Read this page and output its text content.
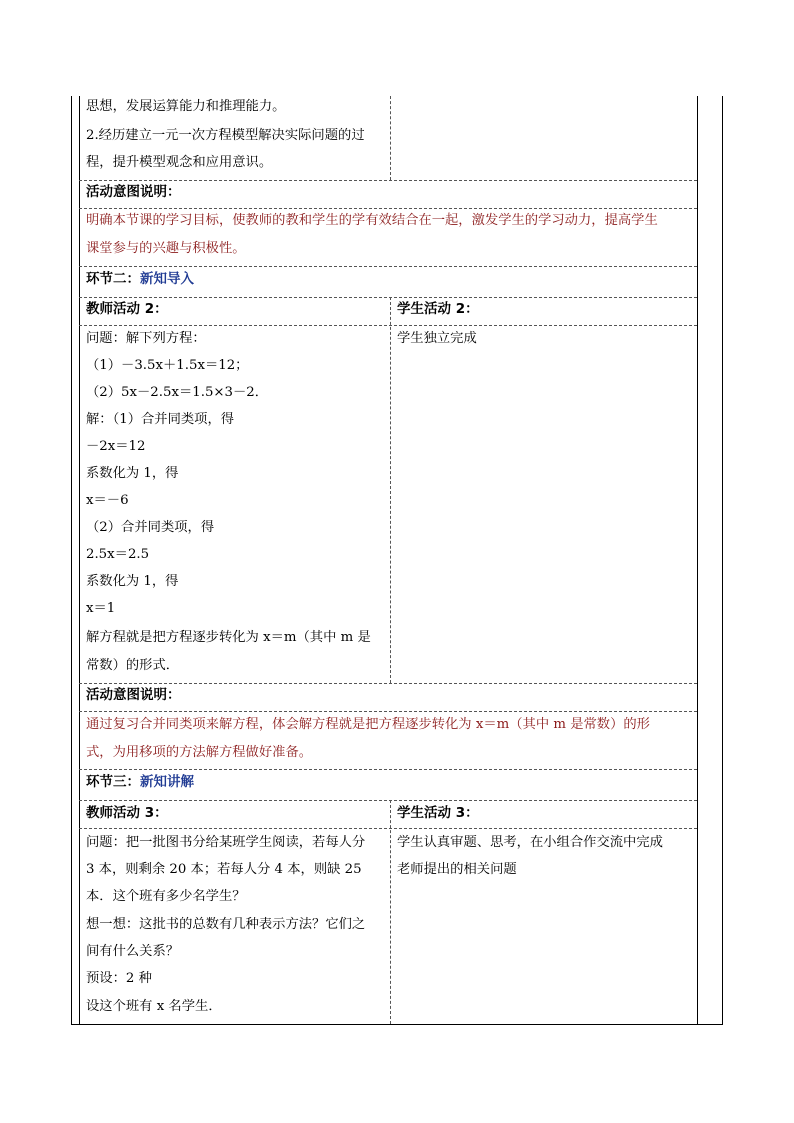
思想，发展运算能力和推理能力。
2.经历建立一元一次方程模型解决实际问题的过
程，提升模型观念和应用意识。
活动意图说明：
明确本节课的学习目标，使教师的教和学生的学有效结合在一起，激发学生的学习动力，提高学生
课堂参与的兴趣与积极性。
环节二：新知导入
教师活动 2：	学生活动 2：
学生独立完成
问题：解下列方程：
（1）－3.5x＋1.5x＝12；
（2）5x－2.5x＝1.5×3－2．
解：（1）合并同类项，得
－2x＝12
系数化为 1，得
x＝－6
（2）合并同类项，得
2.5x＝2.5
系数化为 1，得
x＝1
解方程就是把方程逐步转化为 x＝m（其中 m 是
常数）的形式．
活动意图说明：
通过复习合并同类项来解方程，体会解方程就是把方程逐步转化为 x＝m（其中 m 是常数）的形
式，为用移项的方法解方程做好准备。
环节三：新知讲解
教师活动 3：	学生活动 3：
学生认真审题、思考，在小组合作交流中完成
老师提出的相关问题
问题：把一批图书分给某班学生阅读，若每人分
3 本，则剩余 20 本；若每人分 4 本，则缺 25
本．这个班有多少名学生？
想一想：这批书的总数有几种表示方法？它们之
间有什么关系？
预设：2 种
设这个班有 x 名学生．
